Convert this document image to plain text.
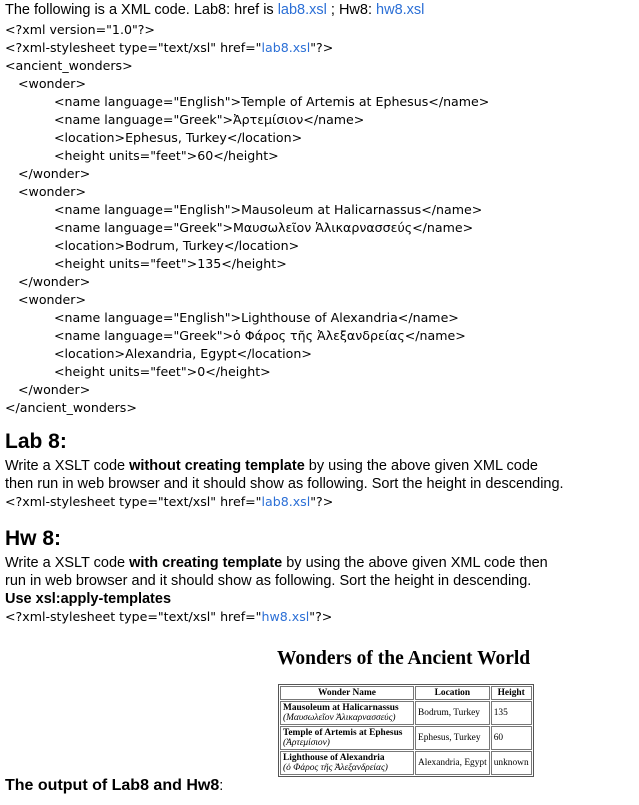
The following is a XML code. Lab8: href is lab8.xsl ; Hw8: hw8.xsl
<?xml version="1.0"?>
<?xml-stylesheet type="text/xsl" href="lab8.xsl"?>
<ancient_wonders>
<wonder>
<name language="English">Temple of Artemis at Ephesus</name>
<name language="Greek">Ἀρτεμίσιον</name>
<location>Ephesus, Turkey</location>
<height units="feet">60</height>
</wonder>
<wonder>
<name language="English">Mausoleum at Halicarnassus</name>
<name language="Greek">Μαυσωλεῖον Ἁλικαρνασσεύς</name>
<location>Bodrum, Turkey</location>
<height units="feet">135</height>
</wonder>
<wonder>
<name language="English">Lighthouse of Alexandria</name>
<name language="Greek">ὁ Φάρος τῆς Ἀλεξανδρείας</name>
<location>Alexandria, Egypt</location>
<height units="feet">0</height>
</wonder>
</ancient_wonders>
Lab 8:
Write a XSLT code without creating template by using the above given XML code
then run in web browser and it should show as following. Sort the height in descending.
<?xml-stylesheet type="text/xsl" href="lab8.xsl"?>
Hw 8:
Write a XSLT code with creating template by using the above given XML code then
run in web browser and it should show as following. Sort the height in descending.
Use xsl:apply-templates
<?xml-stylesheet type="text/xsl" href="hw8.xsl"?>
Wonders of the Ancient World
Wonder Name	Location	Height
Mausoleum at Halicarnassus
(Μαυσωλεῖον Ἁλικαρνασσεύς)	Bodrum, Turkey	135
Temple of Artemis at Ephesus
(Ἀρτεμίσιον)	Ephesus, Turkey	60
Lighthouse of Alexandria
(ὁ Φάρος τῆς Ἀλεξανδρείας)	Alexandria, Egypt	unknown
The output of Lab8 and Hw8:
